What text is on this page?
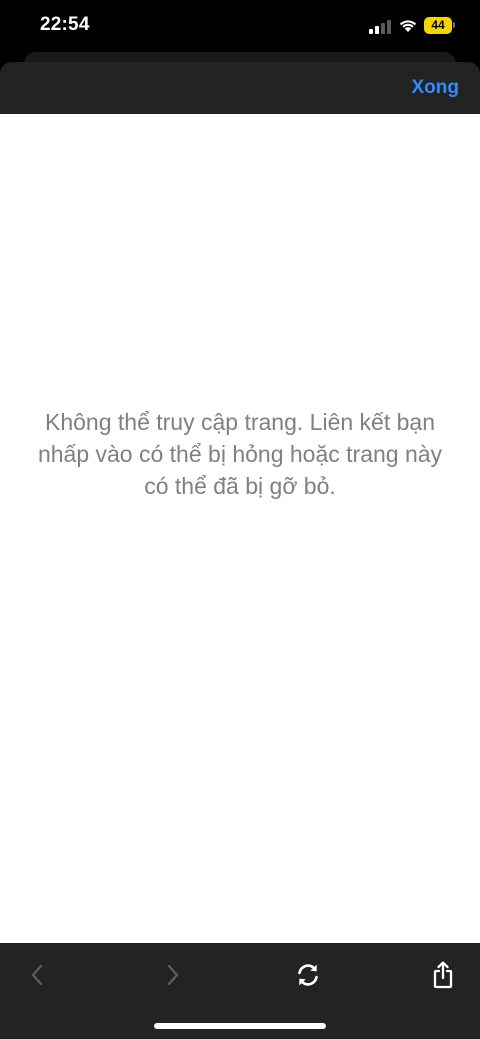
22:54	44
Xong
Không thể truy cập trang. Liên kết bạn nhấp vào có thể bị hỏng hoặc trang này có thể đã bị gỡ bỏ.
